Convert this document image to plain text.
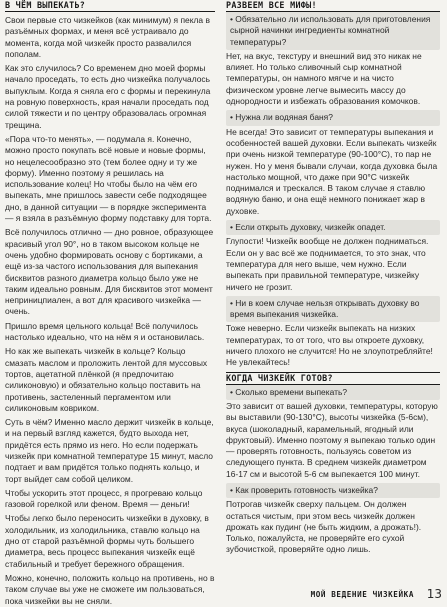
В ЧЁМ ВЫПЕКАТЬ?

Свои первые сто чизкейков (как минимум) я пекла в разъёмных формах, и меня всё устраивало до момента, когда мой чизкейк просто развалился пополам.

Как это случилось? Со временем дно моей формы начало проседать, то есть дно чизкейка получалось выпуклым. Когда я сняла его с формы и перекинула на ровную поверхность, края начали проседать под силой тяжести и по центру образовалась огромная трещина.

«Пора что-то менять», — подумала я. Конечно, можно просто покупать всё новые и новые формы, но нецелесообразно это (тем более одну и ту же форму). Именно поэтому я решилась на использование колец! Но чтобы было на чём его выпекать, мне пришлось завести себе подходящее дно, в данной ситуации — в порядке эксперимента — я взяла в разъёмную форму подставку для торта.

Всё получилось отлично — дно ровное, образующее красивый угол 90°, но в таком высоком кольце не очень удобно формировать основу с бортиками, а ещё из-за частого использования для выпекания бисквитов разного диаметра кольцо было уже не таким идеально ровным. Для бисквитов этот момент неприницпиален, а вот для красивого чизкейка — очень.

Пришло время цельного кольца! Всё получилось настолько идеально, что на нём я и остановилась.

Но как же выпекать чизкейк в кольце? Кольцо смазать маслом и проложить лентой для муссовых тортов, ацетатной плёнкой (я предпочитаю силиконовую) и обязательно кольцо поставить на противень, застеленный пергаментом или силиконовым ковриком.

Суть в чём? Именно масло держит чизкейк в кольце, и на первый взгляд кажется, будто выхода нет, придётся есть прямо из него. Но если подержать чизкейк при комнатной температуре 15 минут, масло подтает и вам придётся только поднять кольцо, и торт выйдет сам собой целиком.

Чтобы ускорить этот процесс, я прогреваю кольцо газовой горелкой или феном. Время — деньги!

Чтобы легко было переносить чизкейки в духовку, в холодильник, из холодильника, ставлю кольцо на дно от старой разъёмной формы чуть большего диаметра, весь процесс выпекания чизкейк ещё стабильный и требует бережного обращения.

Можно, конечно, положить кольцо на противень, но в таком случае вы уже не сможете им пользоваться, пока чизкейки вы не сняли.

РАЗВЕЕМ ВСЕ МИФЫ!

• Обязательно ли использовать для приготовления сырной начинки ингредиенты комнатной температуры?

Нет, на вкус, текстуру и внешний вид это никак не влияет. Но только сливочный сыр комнатной температуры, он намного мягче и на чисто физическом уровне легче вымесить массу до однородности и избежать образования комочков.

• Нужна ли водяная баня?

Не всегда! Это зависит от температуры выпекания и особенностей вашей духовки. Если выпекать чизкейк при очень низкой температуре (90-100°C), то пар не нужен. Но у меня бывали случаи, когда духовка была настолько мощной, что даже при 90°C чизкейк поднимался и трескался. В таком случае я ставлю водяную баню, и она ещё немного понижает жар в духовке.

• Если открыть духовку, чизкейк опадет.

Глупости! Чизкейк вообще не должен подниматься. Если он у вас всё же поднимается, то это знак, что температура для него выше, чем нужно. Если выпекать при правильной температуре, чизкейку ничего не грозит.

• Ни в коем случае нельзя открывать духовку во время выпекания чизкейка.

Тоже неверно. Если чизкейк выпекать на низких температурах, то от того, что вы откроете духовку, ничего плохого не случится! Но не злоупотребляйте! Не увлекайтесь!

КОГДА ЧИЗКЕЙК ГОТОВ?

• Сколько времени выпекать?

Это зависит от вашей духовки, температуры, которую вы выставили (90-130°C), высоты чизкейка (5-6см), вкуса (шоколадный, карамельный, ягодный или фруктовый). Именно поэтому я выпекаю только один — проверять готовность, пользуясь советом из следующего пункта. В среднем чизкейк диаметром 16-17 см и высотой 5-6 см выпекается 100 минут.

• Как проверить готовность чизкейка?

Потрогав чизкейк сверху пальцем. Он должен остаться чистым, при этом весь чизкейк должен дрожать как пудинг (не быть жидким, а дрожать!). Только, пожалуйста, не проверяйте его сухой зубочисткой, проверяйте одно лишь.

МОЙ ВЕДЕНИЕ ЧИЗКЕЙКА 13
